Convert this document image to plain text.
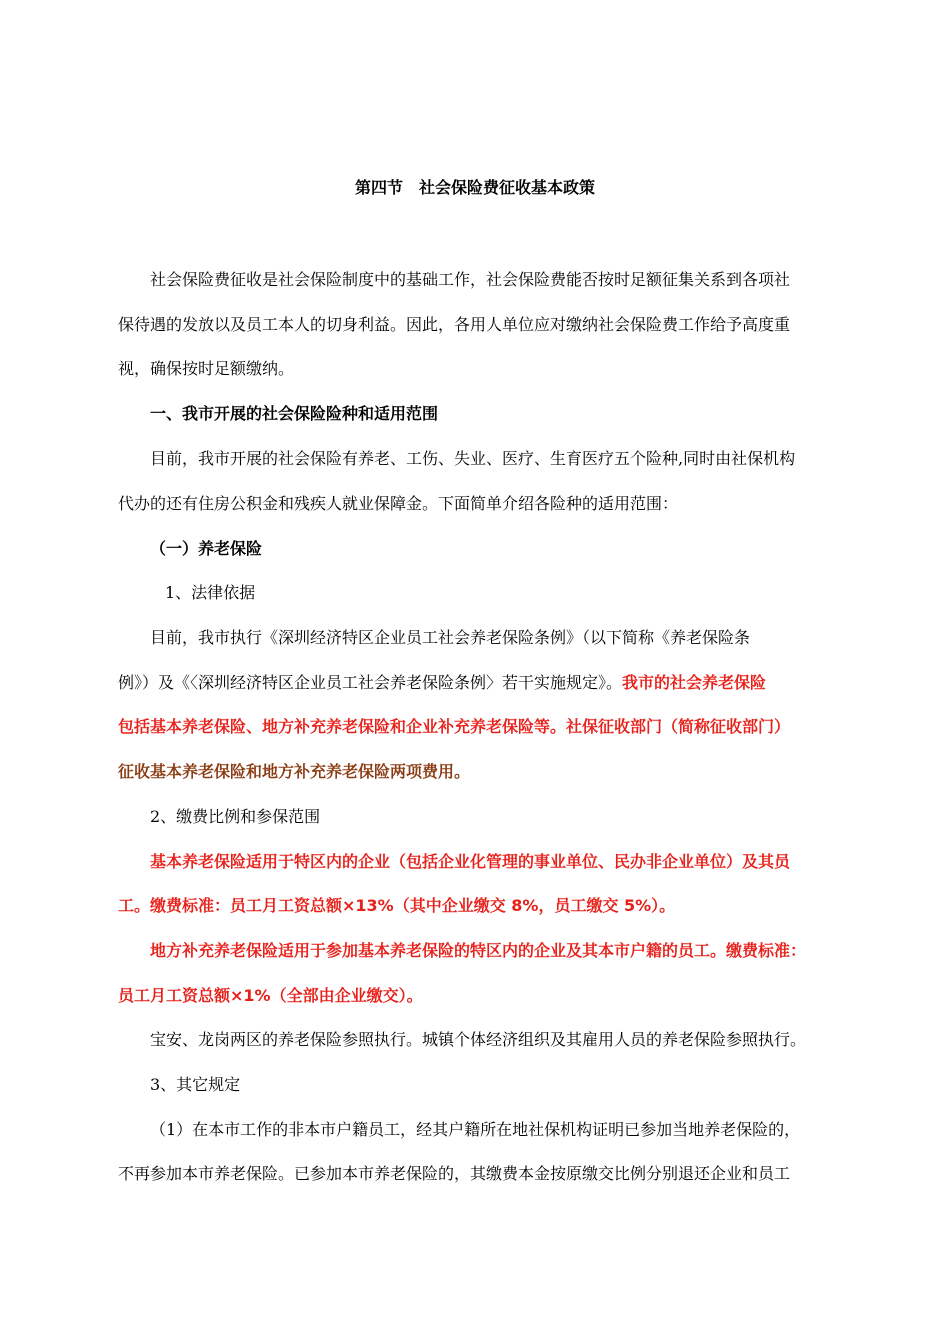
第四节　社会保险费征收基本政策
社会保险费征收是社会保险制度中的基础工作，社会保险费能否按时足额征集关系到各项社
保待遇的发放以及员工本人的切身利益。因此，各用人单位应对缴纳社会保险费工作给予高度重
视，确保按时足额缴纳。
一、我市开展的社会保险险种和适用范围
目前，我市开展的社会保险有养老、工伤、失业、医疗、生育医疗五个险种,同时由社保机构
代办的还有住房公积金和残疾人就业保障金。下面简单介绍各险种的适用范围：
（一）养老保险
1、法律依据
目前，我市执行《深圳经济特区企业员工社会养老保险条例》（以下简称《养老保险条
例》）及《〈深圳经济特区企业员工社会养老保险条例〉若干实施规定》。我市的社会养老保险
包括基本养老保险、地方补充养老保险和企业补充养老保险等。社保征收部门（简称征收部门）
征收基本养老保险和地方补充养老保险两项费用。
2、缴费比例和参保范围
基本养老保险适用于特区内的企业（包括企业化管理的事业单位、民办非企业单位）及其员
工。缴费标准：员工月工资总额×13%（其中企业缴交 8%，员工缴交 5%）。
地方补充养老保险适用于参加基本养老保险的特区内的企业及其本市户籍的员工。缴费标准：
员工月工资总额×1%（全部由企业缴交）。
宝安、龙岗两区的养老保险参照执行。城镇个体经济组织及其雇用人员的养老保险参照执行。
3、其它规定
（1）在本市工作的非本市户籍员工，经其户籍所在地社保机构证明已参加当地养老保险的，
不再参加本市养老保险。已参加本市养老保险的，其缴费本金按原缴交比例分别退还企业和员工
